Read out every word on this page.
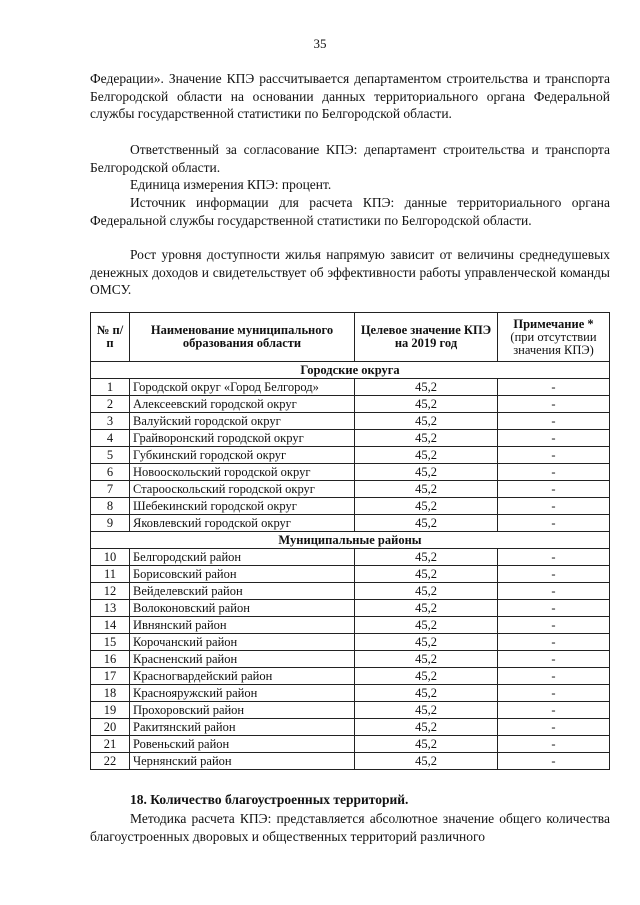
35

Федерации». Значение КПЭ рассчитывается департаментом строительства и транспорта Белгородской области на основании данных территориального органа Федеральной службы государственной статистики по Белгородской области.

Ответственный за согласование КПЭ: департамент строительства и транспорта Белгородской области.

Единица измерения КПЭ: процент.

Источник информации для расчета КПЭ: данные территориального органа Федеральной службы государственной статистики по Белгородской области.

Рост уровня доступности жилья напрямую зависит от величины среднедушевых денежных доходов и свидетельствует об эффективности работы управленческой команды ОМСУ.

№ п/п	Наименование муниципального образования области	Целевое значение КПЭ на 2019 год	Примечание *
(при отсутствии значения КПЭ)
Городские округа			
1	Городской округ «Город Белгород»	45,2	-
2	Алексеевский городской округ	45,2	-
3	Валуйский городской округ	45,2	-
4	Грайворонский городской округ	45,2	-
5	Губкинский городской округ	45,2	-
6	Новооскольский городской округ	45,2	-
7	Старооскольский городской округ	45,2	-
8	Шебекинский городской округ	45,2	-
9	Яковлевский городской округ	45,2	-
Муниципальные районы			
10	Белгородский район	45,2	-
11	Борисовский район	45,2	-
12	Вейделевский район	45,2	-
13	Волоконовский район	45,2	-
14	Ивнянский район	45,2	-
15	Корочанский район	45,2	-
16	Красненский район	45,2	-
17	Красногвардейский район	45,2	-
18	Краснояружский район	45,2	-
19	Прохоровский район	45,2	-
20	Ракитянский район	45,2	-
21	Ровеньский район	45,2	-
22	Чернянский район	45,2	-
18. Количество благоустроенных территорий.

Методика расчета КПЭ: представляется абсолютное значение общего количества благоустроенных дворовых и общественных территорий различного
